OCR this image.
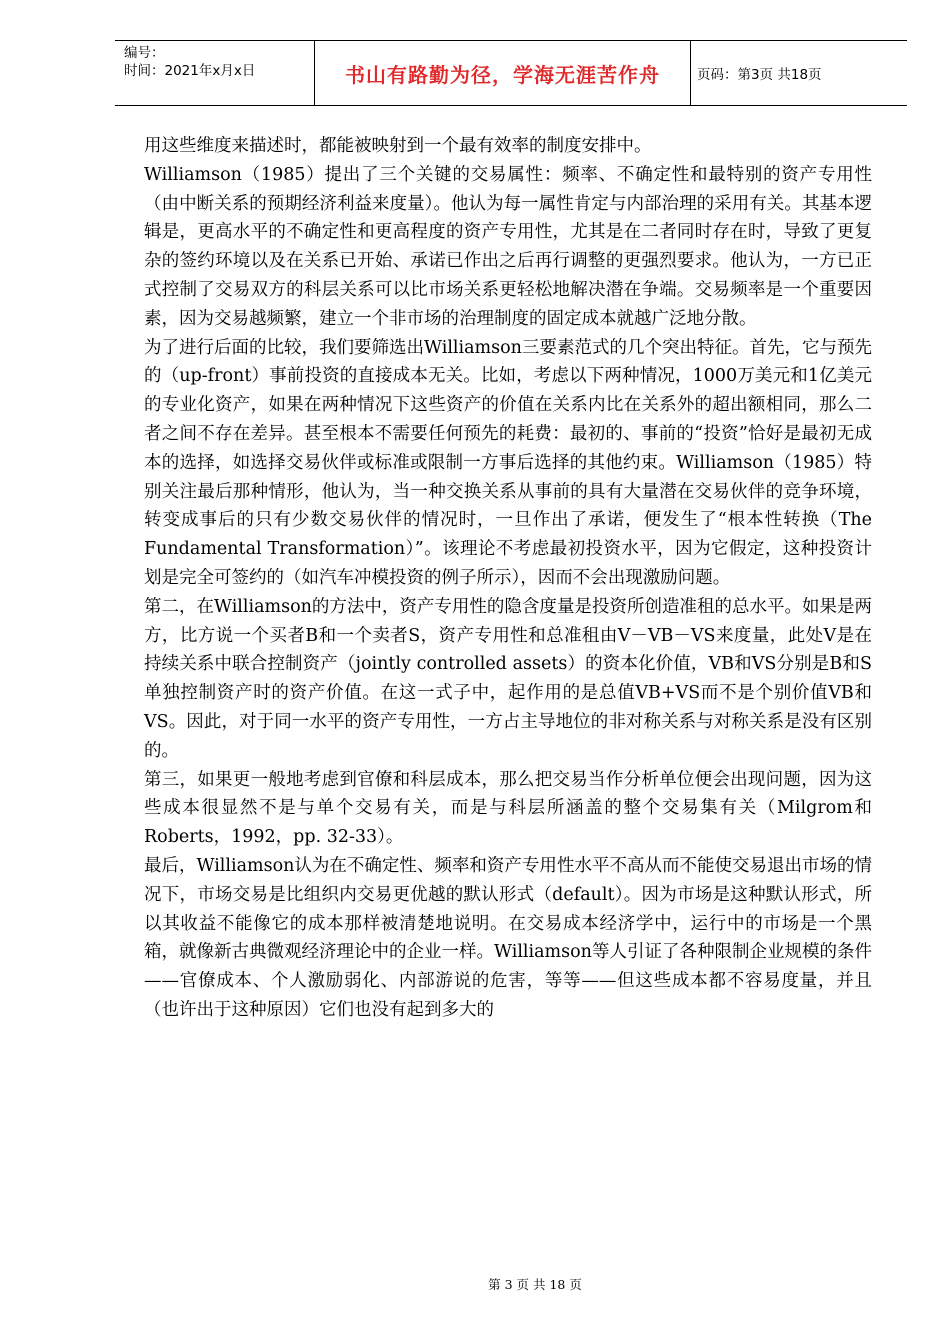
编号：
时间：2021年x月x日	书山有路勤为径，学海无涯苦作舟	页码：第3页 共18页

用这些维度来描述时，都能被映射到一个最有效率的制度安排中。

Williamson（1985）提出了三个关键的交易属性：频率、不确定性和最特别的资产专用性（由中断关系的预期经济利益来度量）。他认为每一属性肯定与内部治理的采用有关。其基本逻辑是，更高水平的不确定性和更高程度的资产专用性，尤其是在二者同时存在时，导致了更复杂的签约环境以及在关系已开始、承诺已作出之后再行调整的更强烈要求。他认为，一方已正式控制了交易双方的科层关系可以比市场关系更轻松地解决潜在争端。交易频率是一个重要因素，因为交易越频繁，建立一个非市场的治理制度的固定成本就越广泛地分散。

为了进行后面的比较，我们要筛选出Williamson三要素范式的几个突出特征。首先，它与预先的（up-front）事前投资的直接成本无关。比如，考虑以下两种情况，1000万美元和1亿美元的专业化资产，如果在两种情况下这些资产的价值在关系内比在关系外的超出额相同，那么二者之间不存在差异。甚至根本不需要任何预先的耗费：最初的、事前的“投资”恰好是最初无成本的选择，如选择交易伙伴或标准或限制一方事后选择的其他约束。Williamson（1985）特别关注最后那种情形，他认为，当一种交换关系从事前的具有大量潜在交易伙伴的竞争环境，转变成事后的只有少数交易伙伴的情况时，一旦作出了承诺，便发生了“根本性转换（The Fundamental Transformation）”。该理论不考虑最初投资水平，因为它假定，这种投资计划是完全可签约的（如汽车冲模投资的例子所示），因而不会出现激励问题。

第二，在Williamson的方法中，资产专用性的隐含度量是投资所创造准租的总水平。如果是两方，比方说一个买者B和一个卖者S，资产专用性和总准租由V－VB－VS来度量，此处V是在持续关系中联合控制资产（jointly controlled assets）的资本化价值，VB和VS分别是B和S单独控制资产时的资产价值。在这一式子中，起作用的是总值VB+VS而不是个别价值VB和VS。因此，对于同一水平的资产专用性，一方占主导地位的非对称关系与对称关系是没有区别的。

第三，如果更一般地考虑到官僚和科层成本，那么把交易当作分析单位便会出现问题，因为这些成本很显然不是与单个交易有关，而是与科层所涵盖的整个交易集有关（Milgrom和Roberts，1992，pp. 32-33）。

最后，Williamson认为在不确定性、频率和资产专用性水平不高从而不能使交易退出市场的情况下，市场交易是比组织内交易更优越的默认形式（default）。因为市场是这种默认形式，所以其收益不能像它的成本那样被清楚地说明。在交易成本经济学中，运行中的市场是一个黑箱，就像新古典微观经济理论中的企业一样。Williamson等人引证了各种限制企业规模的条件——官僚成本、个人激励弱化、内部游说的危害，等等——但这些成本都不容易度量，并且（也许出于这种原因）它们也没有起到多大的

第 3 页 共 18 页
